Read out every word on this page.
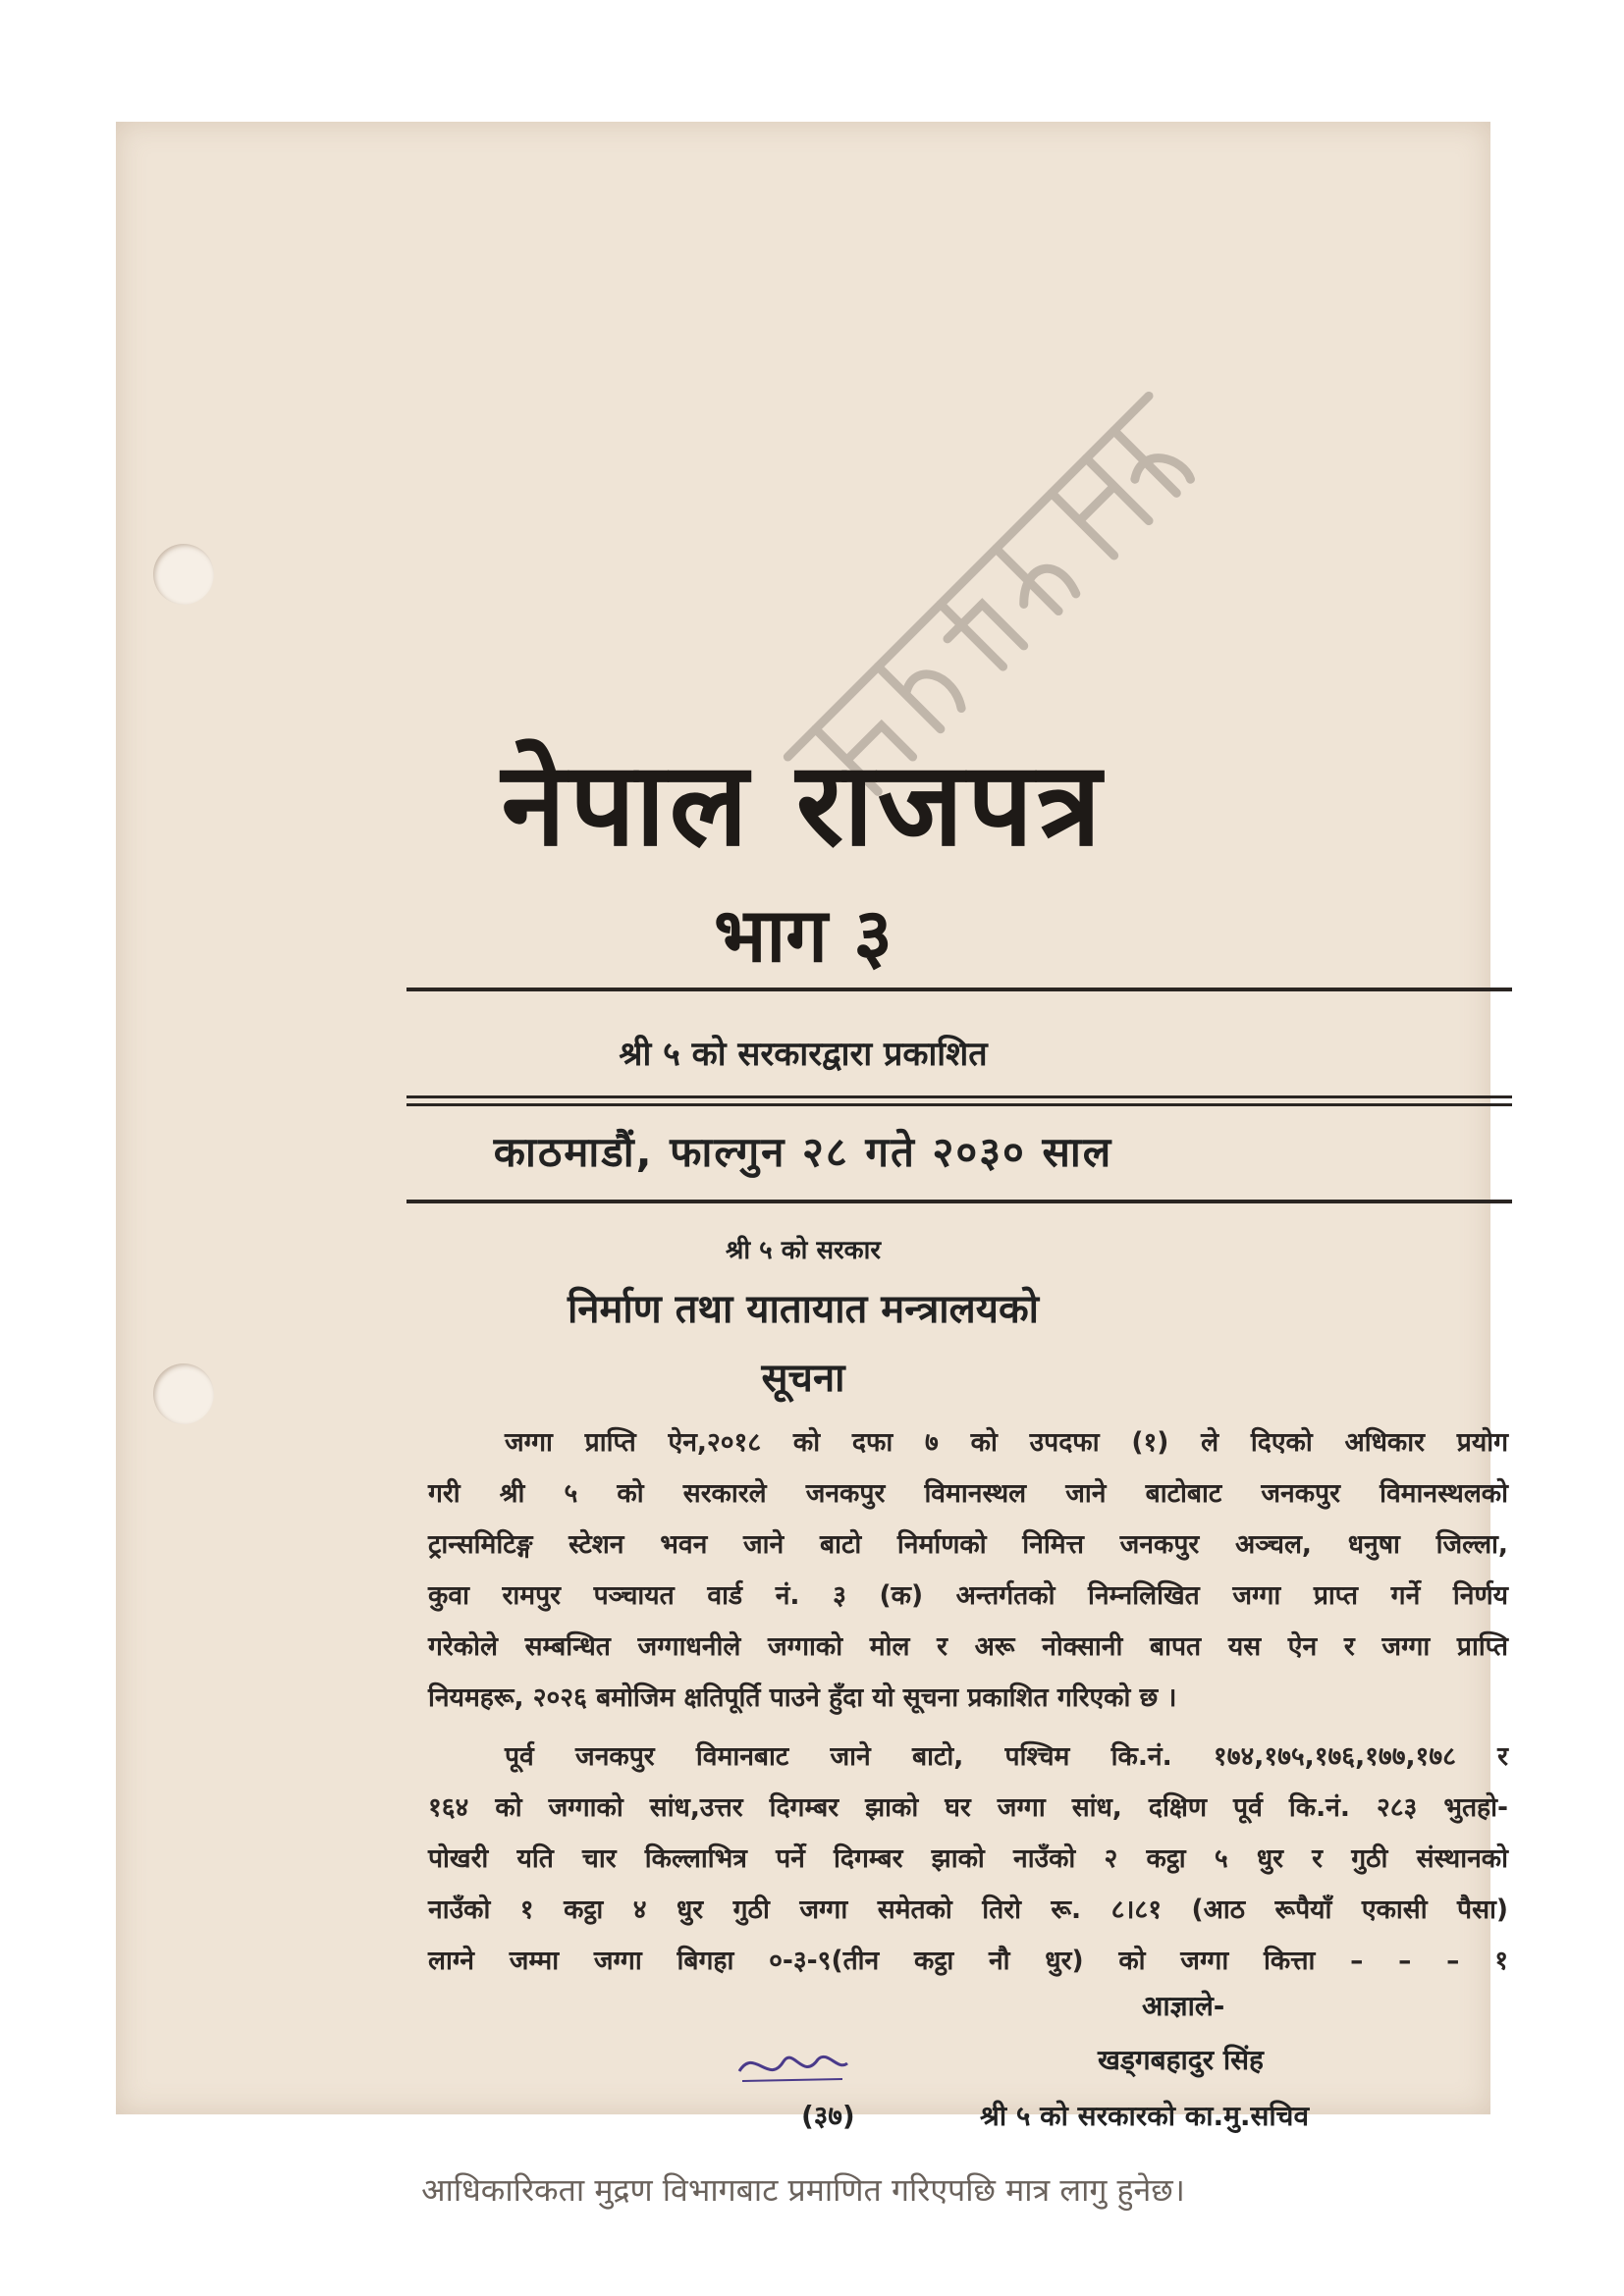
नेपाल राजपत्र
भाग ३
श्री ५ को सरकारद्वारा प्रकाशित
काठमाडौं, फाल्गुन २८ गते २०३० साल
श्री ५ को सरकार
निर्माण तथा यातायात मन्त्रालयको
सूचना
जग्गा प्राप्ति ऐन,२०१८ को दफा ७ को उपदफा (१) ले दिएको अधिकार प्रयोग
गरी श्री ५ को सरकारले जनकपुर विमानस्थल जाने बाटोबाट जनकपुर विमानस्थलको
ट्रान्समिटिङ्ग स्टेशन भवन जाने बाटो निर्माणको निमित्त जनकपुर अञ्चल, धनुषा जिल्ला,
कुवा रामपुर पञ्चायत वार्ड नं. ३ (क) अन्तर्गतको निम्नलिखित जग्गा प्राप्त गर्ने निर्णय
गरेकोले सम्बन्धित जग्गाधनीले जग्गाको मोल र अरू नोक्सानी बापत यस ऐन र जग्गा प्राप्ति
नियमहरू, २०२६ बमोजिम क्षतिपूर्ति पाउने हुँदा यो सूचना प्रकाशित गरिएको छ ।
पूर्व जनकपुर विमानबाट जाने बाटो, पश्चिम कि.नं. १७४,१७५,१७६,१७७,१७८ र
१६४ को जग्गाको सांध,उत्तर दिगम्बर झाको घर जग्गा सांध, दक्षिण पूर्व कि.नं. २८३ भुतहो-
पोखरी यति चार किल्लाभित्र पर्ने दिगम्बर झाको नाउँको २ कट्ठा ५ धुर र गुठी संस्थानको
नाउँको १ कट्ठा ४ धुर गुठी जग्गा समेतको तिरो रू. ८।८१ (आठ रूपैयाँ एकासी पैसा)
लाग्ने जम्मा जग्गा बिगहा ०-३-९(तीन कट्ठा नौ धुर) को जग्गा कित्ता – – – १
आज्ञाले-
खड्गबहादुर सिंह
(३७)	श्री ५ को सरकारको का.मु.सचिव
आधिकारिकता मुद्रण विभागबाट प्रमाणित गरिएपछि मात्र लागु हुनेछ।
